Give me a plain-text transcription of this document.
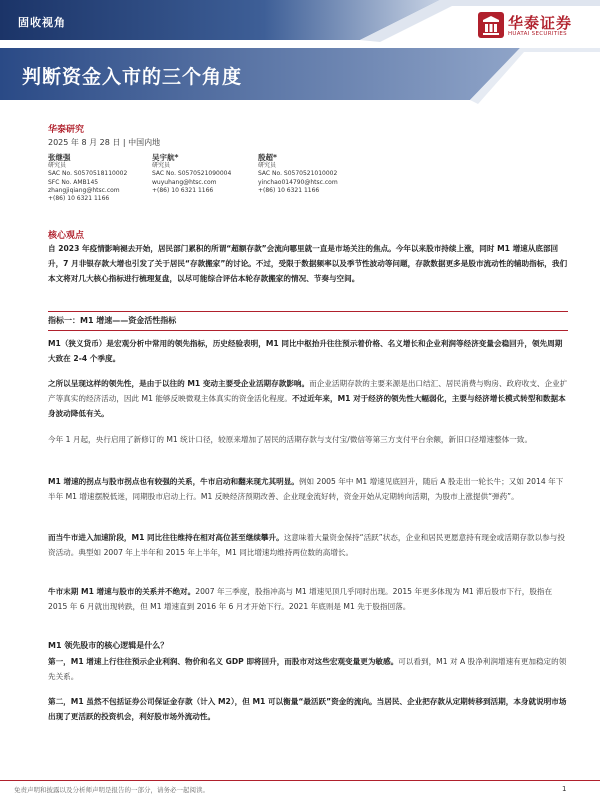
固收视角
判断资金入市的三个角度
华泰证券
HUATAI SECURITIES
华泰研究
2025 年 8 月 28 日 | 中国内地
张继强
研究员
SAC No. S0570518110002
SFC No. AMB145
zhangjiqiang@htsc.com
+(86) 10 6321 1166
吴宇航*
研究员
SAC No. S0570521090004
wuyuhang@htsc.com
+(86) 10 6321 1166
殷超*
研究员
SAC No. S0570521010002
yinchao014790@htsc.com
+(86) 10 6321 1166
核心观点
自 2023 年疫情影响褪去开始，居民部门累积的所谓“超额存款”会流向哪里就一直是市场关注的焦点。今年以来股市持续上涨，同时 M1 增速从底部回升，7 月非银存款大增也引发了关于居民“存款搬家”的讨论。不过，受限于数据频率以及季节性波动等问题，存款数据更多是股市流动性的辅助指标，我们本文将对几大核心指标进行梳理复盘，以尽可能综合评估本轮存款搬家的情况、节奏与空间。
指标一：M1 增速——资金活性指标
M1（狭义货币）是宏观分析中常用的领先指标，历史经验表明，M1 同比中枢抬升往往预示着价格、名义增长和企业利润等经济变量会稳回升，领先周期大致在 2-4 个季度。
之所以呈现这样的领先性，是由于以往的 M1 变动主要受企业活期存款影响。而企业活期存款的主要来源是出口结汇、居民消费与购房、政府收支、企业扩产等真实的经济活动，因此 M1 能够反映微观主体真实的资金活化程度。不过近年来，M1 对于经济的领先性大幅弱化，主要与经济增长模式转型和数据本身波动降低有关。
今年 1 月起，央行启用了新修订的 M1 统计口径，较原来增加了居民的活期存款与支付宝/微信等第三方支付平台余额，新旧口径增速整体一致。
M1 增速的拐点与股市拐点也有较强的关系，牛市启动和翻来现尤其明显。例如 2005 年中 M1 增速见底回升，随后 A 股走出一轮长牛；又如 2014 年下半年 M1 增速摆脱低迷，同期股市启动上行。M1 反映经济预期改善、企业现金流好转，资金开始从定期转向活期，为股市上涨提供“弹药”。
而当牛市进入加速阶段，M1 同比往往维持在相对高位甚至继续攀升。这意味着大量资金保持“活跃”状态，企业和居民更愿意持有现金或活期存款以参与投资活动。典型如 2007 年上半年和 2015 年上半年，M1 同比增速均维持两位数的高增长。
牛市末期 M1 增速与股市的关系并不绝对。2007 年三季度，股指冲高与 M1 增速见顶几乎同时出现。2015 年更多体现为 M1 滞后股市下行，股指在 2015 年 6 月就出现转跌，但 M1 增速直到 2016 年 6 月才开始下行。2021 年底则是 M1 先于股指回落。
M1 领先股市的核心逻辑是什么？
第一，M1 增速上行往往预示企业利润、物价和名义 GDP 即将回升，而股市对这些宏观变量更为敏感。可以看到，M1 对 A 股净利润增速有更加稳定的领先关系。
第二，M1 虽然不包括证券公司保证金存款（计入 M2），但 M1 可以衡量“最活跃”资金的流向。当居民、企业把存款从定期转移到活期，本身就说明市场出现了更活跃的投资机会，利好股市场外流动性。
免责声明和披露以及分析师声明是报告的一部分，请务必一起阅读。	1
